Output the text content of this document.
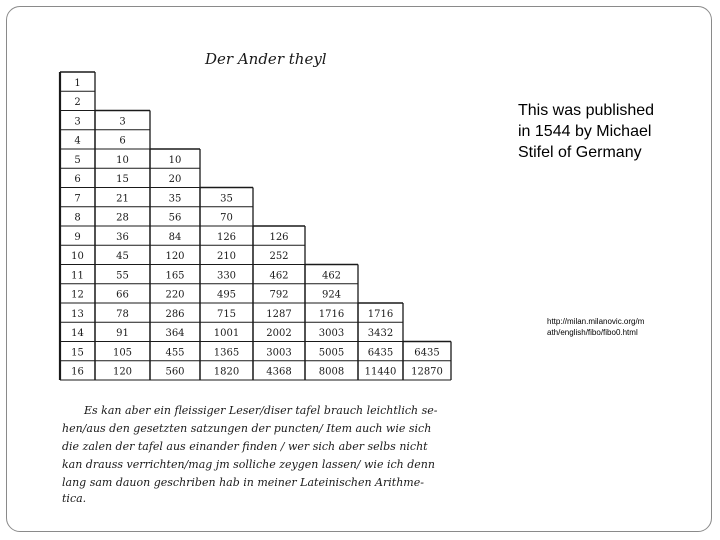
Der Ander theyl
1
2
3
4
5
6
7
8
9
10
11
12
13
14
15
16
3
6
10
15
21
28
36
45
55
66
78
91
105
120
10
20
35
56
84
120
165
220
286
364
455
560
35
70
126
210
330
495
715
1001
1365
1820
126
252
462
792
1287
2002
3003
4368
462
924
1716
3003
5005
8008
1716
3432
6435
11440
6435
12870
Es kan aber ein fleissiger Leser/diser tafel brauch leichtlich se-
hen/aus den gesetzten satzungen der puncten/ Item auch wie sich
die zalen der tafel aus einander finden / wer sich aber selbs nicht
kan drauss verrichten/mag jm solliche zeygen lassen/ wie ich denn
lang sam dauon geschriben hab in meiner Lateinischen Arithme-
tica.
This was published
in 1544 by Michael
Stifel of Germany
http://milan.milanovic.org/m
ath/english/fibo/fibo0.html
